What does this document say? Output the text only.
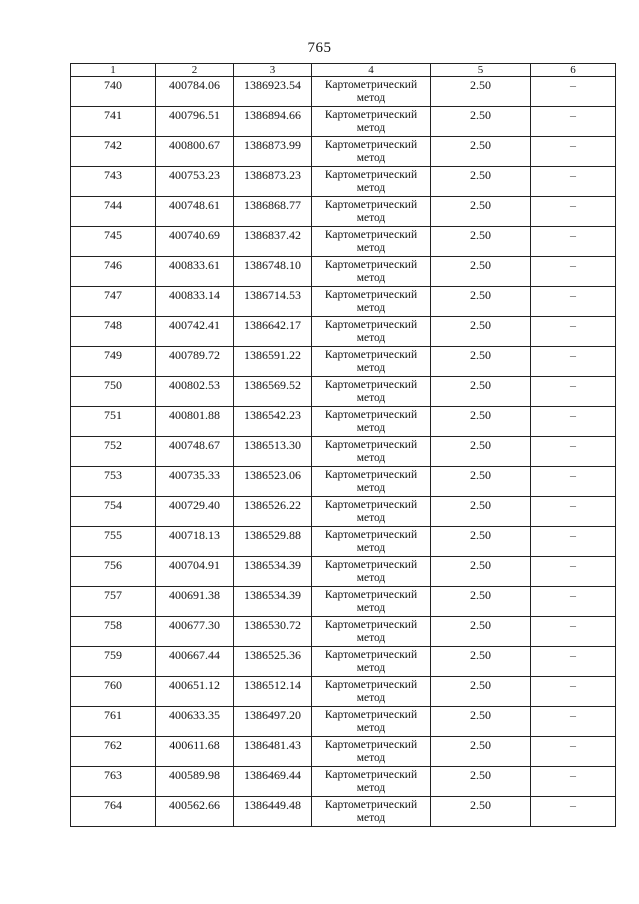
765
1	2	3	4	5	6
740	400784.06	1386923.54	Картометрический метод	2.50	–
741	400796.51	1386894.66	Картометрический метод	2.50	–
742	400800.67	1386873.99	Картометрический метод	2.50	–
743	400753.23	1386873.23	Картометрический метод	2.50	–
744	400748.61	1386868.77	Картометрический метод	2.50	–
745	400740.69	1386837.42	Картометрический метод	2.50	–
746	400833.61	1386748.10	Картометрический метод	2.50	–
747	400833.14	1386714.53	Картометрический метод	2.50	–
748	400742.41	1386642.17	Картометрический метод	2.50	–
749	400789.72	1386591.22	Картометрический метод	2.50	–
750	400802.53	1386569.52	Картометрический метод	2.50	–
751	400801.88	1386542.23	Картометрический метод	2.50	–
752	400748.67	1386513.30	Картометрический метод	2.50	–
753	400735.33	1386523.06	Картометрический метод	2.50	–
754	400729.40	1386526.22	Картометрический метод	2.50	–
755	400718.13	1386529.88	Картометрический метод	2.50	–
756	400704.91	1386534.39	Картометрический метод	2.50	–
757	400691.38	1386534.39	Картометрический метод	2.50	–
758	400677.30	1386530.72	Картометрический метод	2.50	–
759	400667.44	1386525.36	Картометрический метод	2.50	–
760	400651.12	1386512.14	Картометрический метод	2.50	–
761	400633.35	1386497.20	Картометрический метод	2.50	–
762	400611.68	1386481.43	Картометрический метод	2.50	–
763	400589.98	1386469.44	Картометрический метод	2.50	–
764	400562.66	1386449.48	Картометрический метод	2.50	–
